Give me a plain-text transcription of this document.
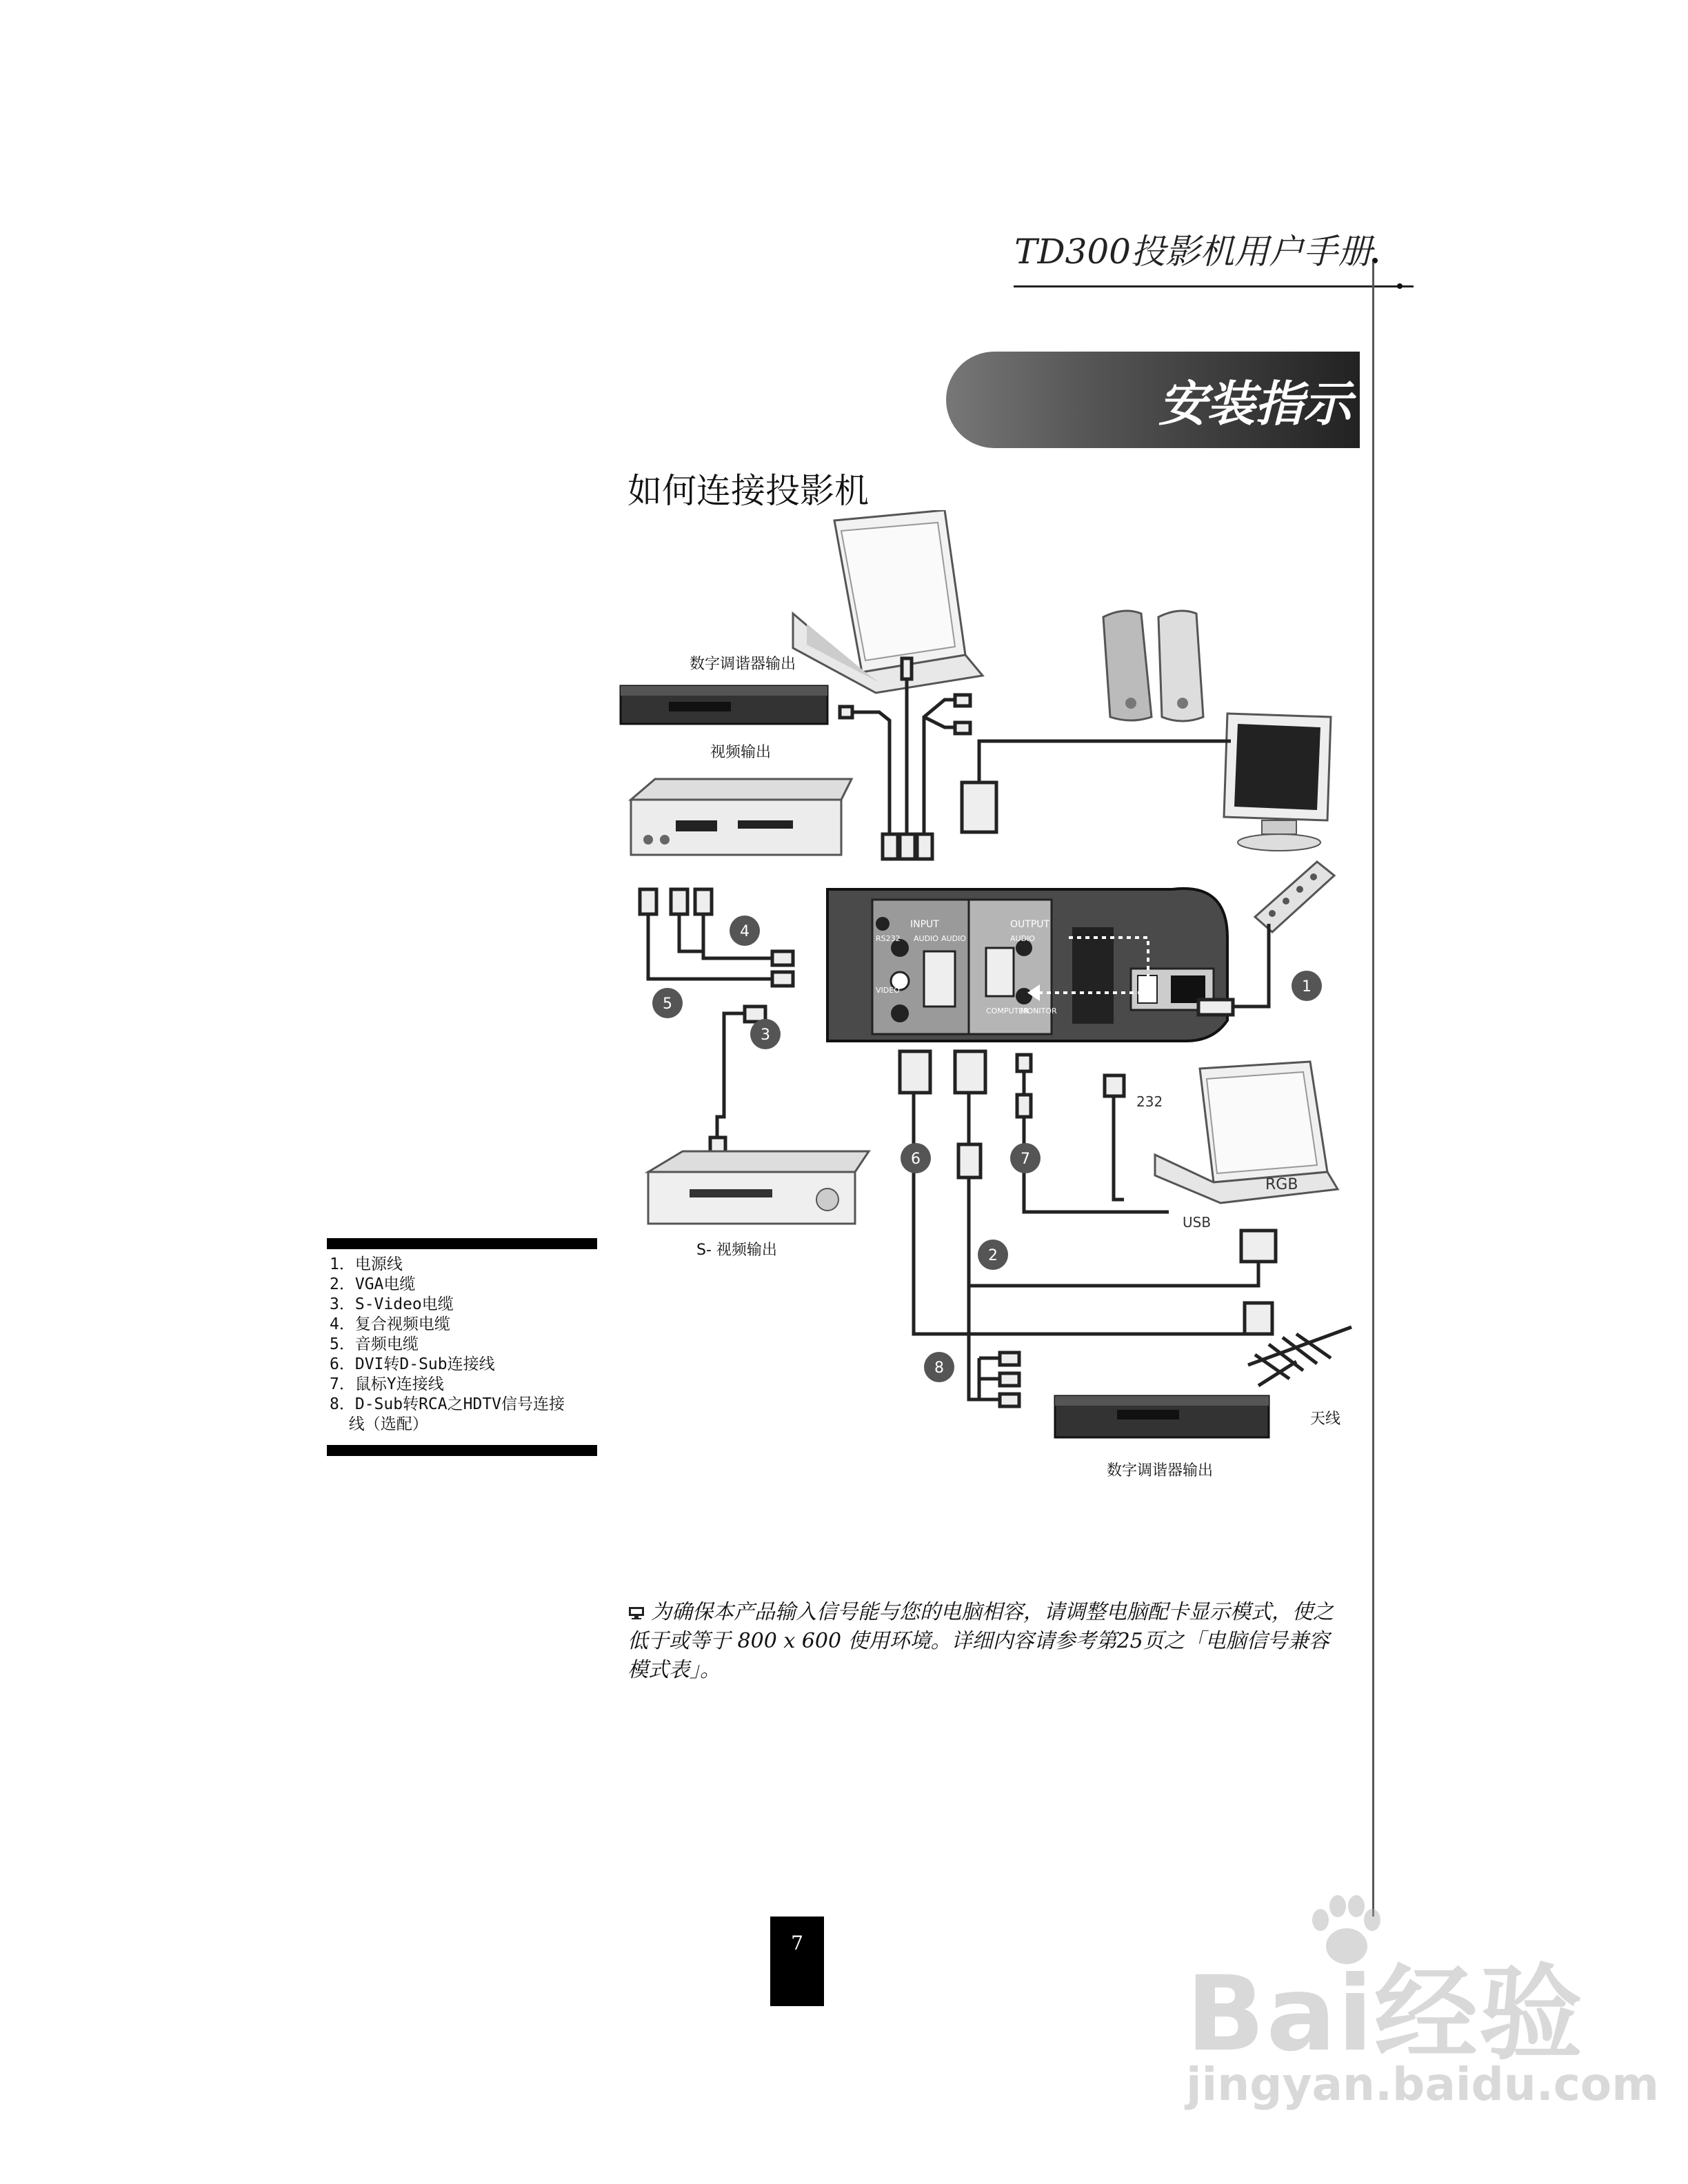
TD300投影机用户手册
安装指示
如何连接投影机
数字调谐器输出
视频输出
INPUT	OUTPUT
RS232 AUDIO AUDIO	AUDIO
VIDEO
COMPUTER
MONITOR
S- 视频输出
RGB
USB
232
天线
数字调谐器输出
1
2
3
4
5
6	7
8

1．电源线

2．VGA电缆

3．S-Video电缆

4．复合视频电缆

5．音频电缆

6．DVI转D-Sub连接线

7．鼠标Y连接线

8．D-Sub转RCA之HDTV信号连接

线（选配）

为确保本产品输入信号能与您的电脑相容，请调整电脑配卡显示模式，使之低于或等于 800 x 600 使用环境。详细内容请参考第25页之「电脑信号兼容模式表」。
7
Bai经验
jingyan.baidu.com
